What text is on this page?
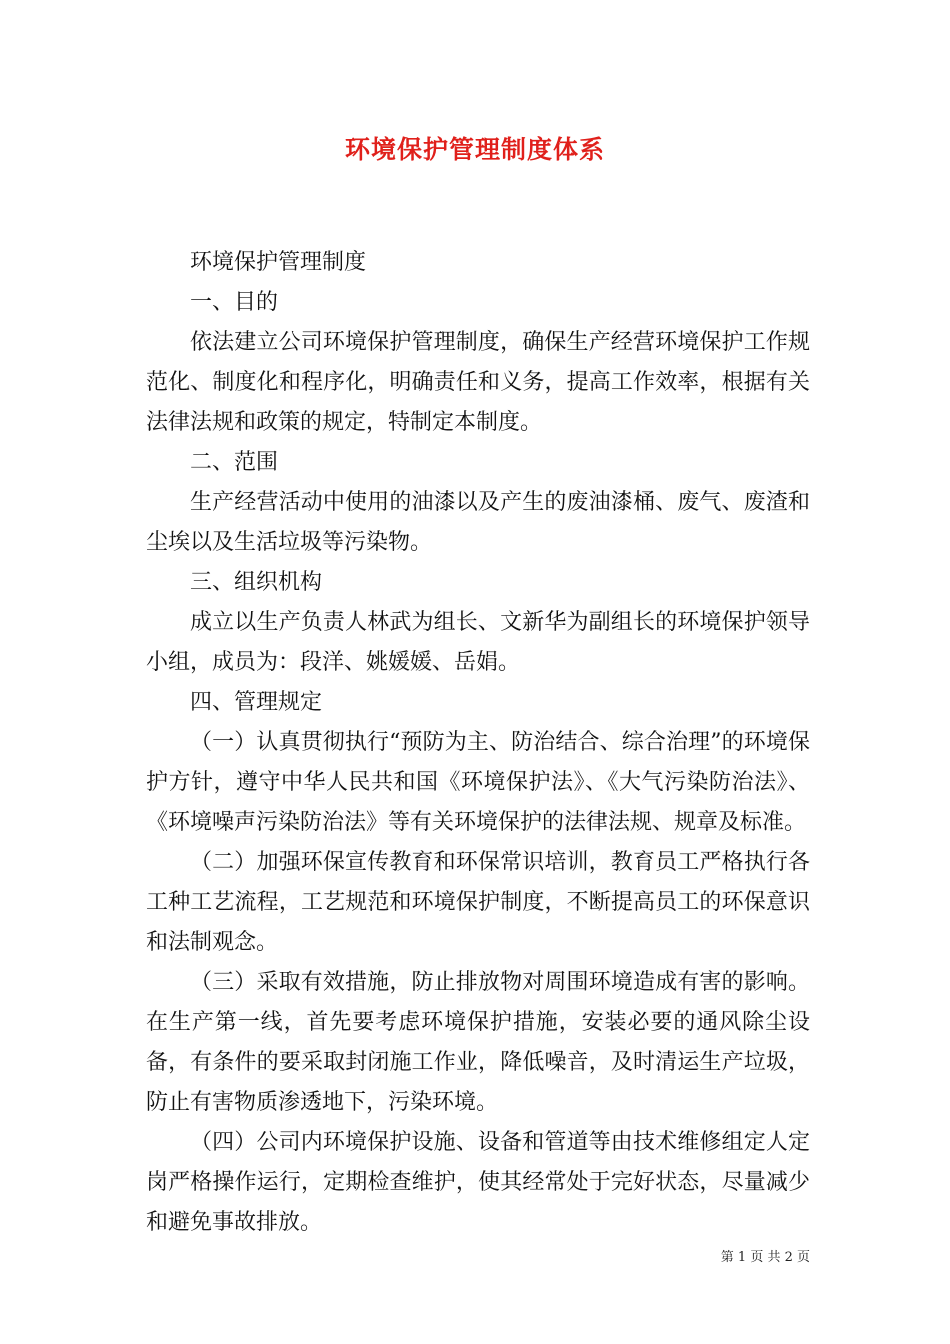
环境保护管理制度体系

环境保护管理制度

一、目的

依法建立公司环境保护管理制度，确保生产经营环境保护工作规范化、制度化和程序化，明确责任和义务，提高工作效率，根据有关法律法规和政策的规定，特制定本制度。

二、范围

生产经营活动中使用的油漆以及产生的废油漆桶、废气、废渣和尘埃以及生活垃圾等污染物。

三、组织机构

成立以生产负责人林武为组长、文新华为副组长的环境保护领导小组，成员为：段洋、姚媛媛、岳娟。

四、管理规定

（一）认真贯彻执行“预防为主、防治结合、综合治理”的环境保护方针，遵守中华人民共和国《环境保护法》、《大气污染防治法》、《环境噪声污染防治法》等有关环境保护的法律法规、规章及标准。

（二）加强环保宣传教育和环保常识培训，教育员工严格执行各工种工艺流程，工艺规范和环境保护制度，不断提高员工的环保意识和法制观念。

（三）采取有效措施，防止排放物对周围环境造成有害的影响。在生产第一线，首先要考虑环境保护措施，安装必要的通风除尘设备，有条件的要采取封闭施工作业，降低噪音，及时清运生产垃圾，防止有害物质渗透地下，污染环境。

（四）公司内环境保护设施、设备和管道等由技术维修组定人定岗严格操作运行，定期检查维护，使其经常处于完好状态，尽量减少和避免事故排放。

第 1 页 共 2 页
